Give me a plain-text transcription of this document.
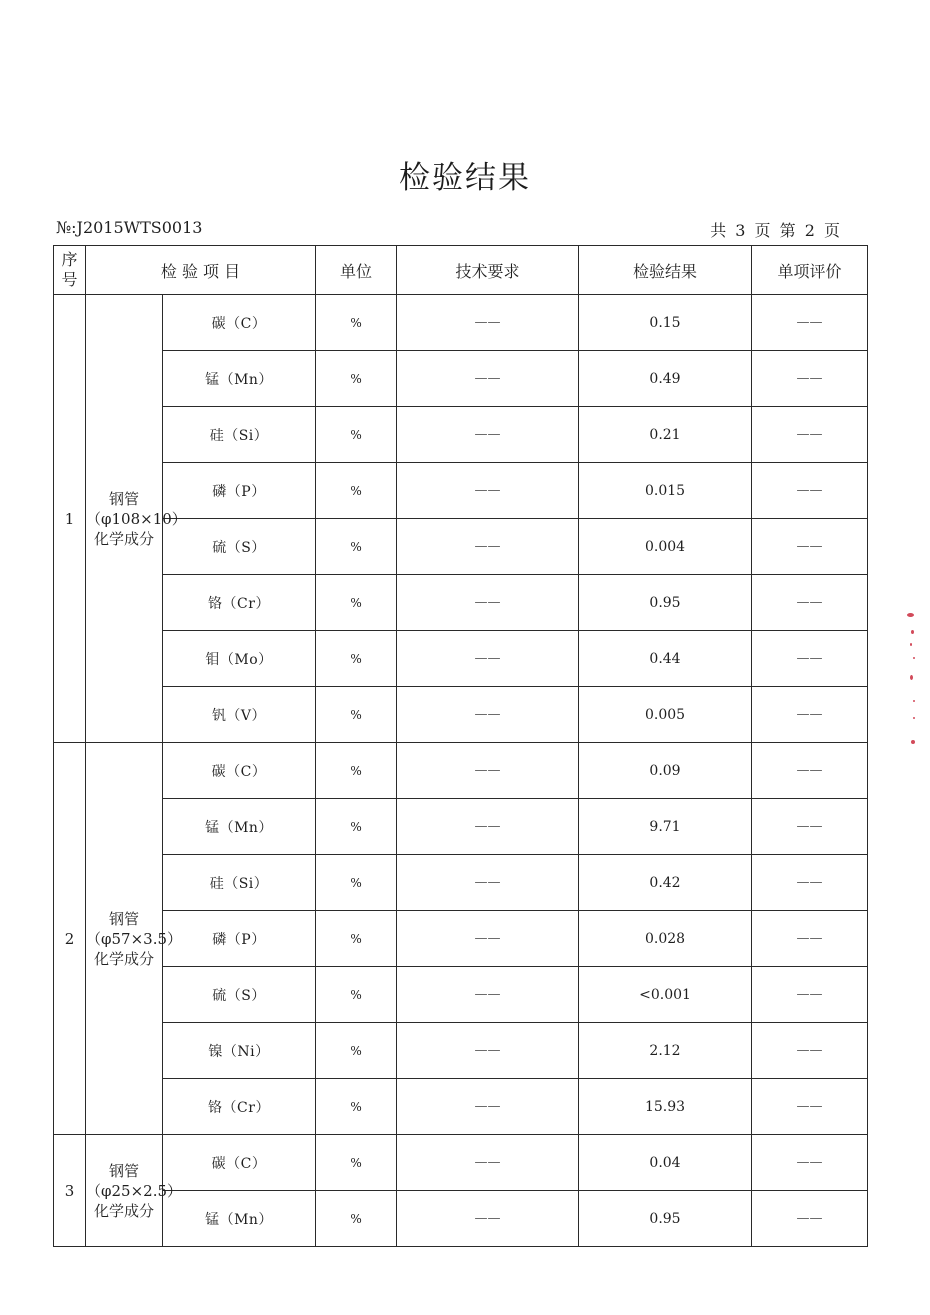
检验结果
№:J2015WTS0013	共 3 页 第 2 页
序号	检 验 项 目		单位	技术要求	检验结果	单项评价
1	钢管（φ108×10）化学成分	碳（C）	%	——	0.15	——
		锰（Mn）	%	——	0.49	——
		硅（Si）	%	——	0.21	——
		磷（P）	%	——	0.015	——
		硫（S）	%	——	0.004	——
		铬（Cr）	%	——	0.95	——
		钼（Mo）	%	——	0.44	——
		钒（V）	%	——	0.005	——
2	钢管（φ57×3.5）化学成分	碳（C）	%	——	0.09	——
		锰（Mn）	%	——	9.71	——
		硅（Si）	%	——	0.42	——
		磷（P）	%	——	0.028	——
		硫（S）	%	——	<0.001	——
		镍（Ni）	%	——	2.12	——
		铬（Cr）	%	——	15.93	——
3	钢管（φ25×2.5）化学成分	碳（C）	%	——	0.04	——
		锰（Mn）	%	——	0.95	——
